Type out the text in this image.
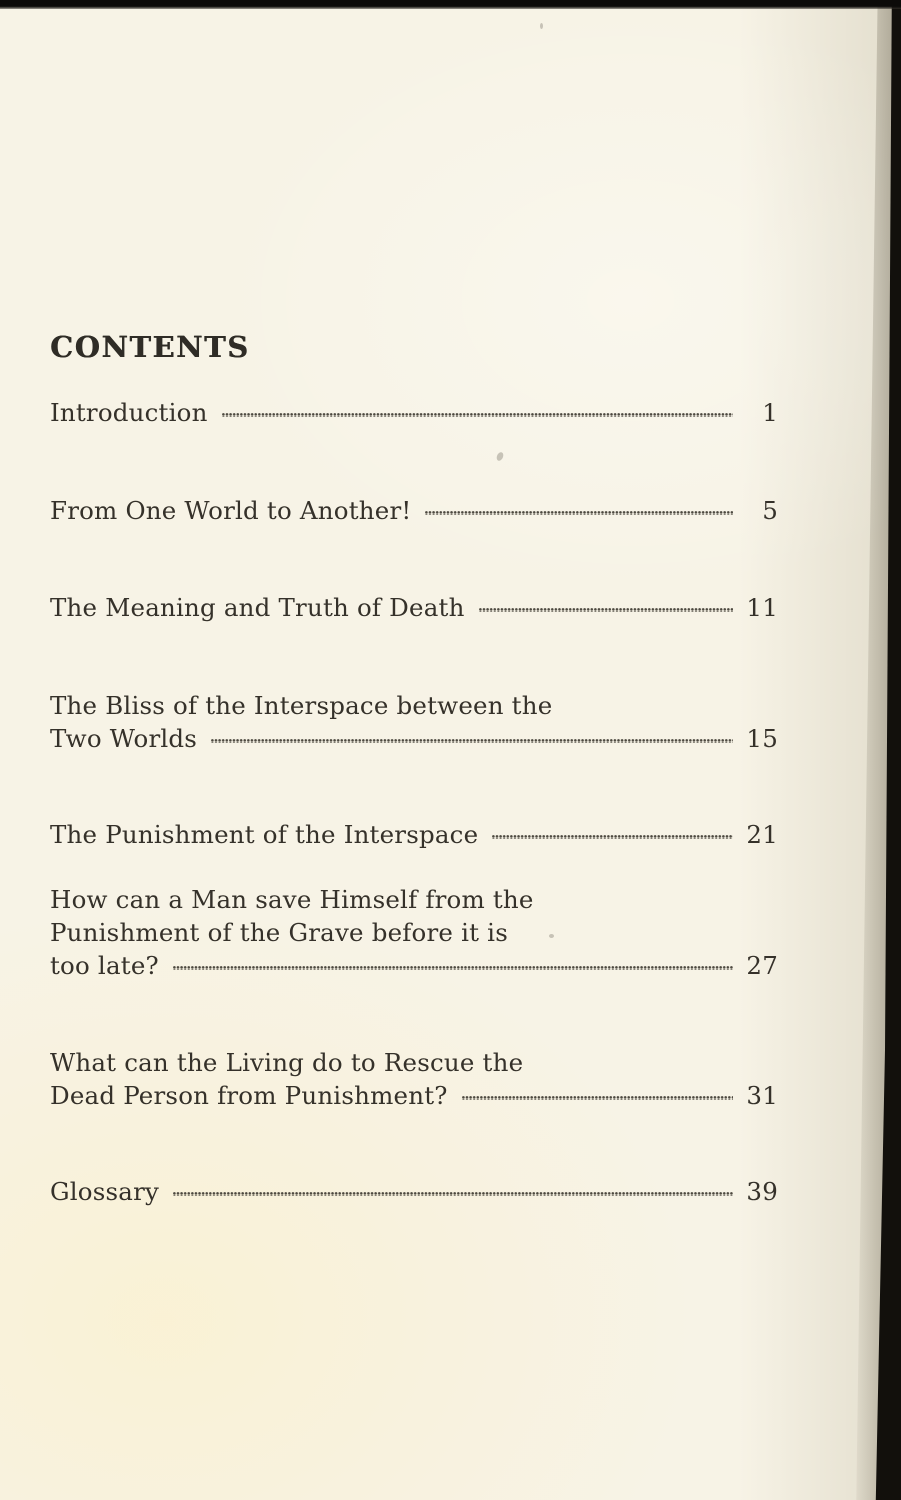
CONTENTS
Introduction	1
From One World to Another!	5
The Meaning and Truth of Death	11
The Bliss of the Interspace between the
Two Worlds	15
The Punishment of the Interspace	21
How can a Man save Himself from the
Punishment of the Grave before it is
too late?	27
What can the Living do to Rescue the
Dead Person from Punishment?	31
Glossary	39
